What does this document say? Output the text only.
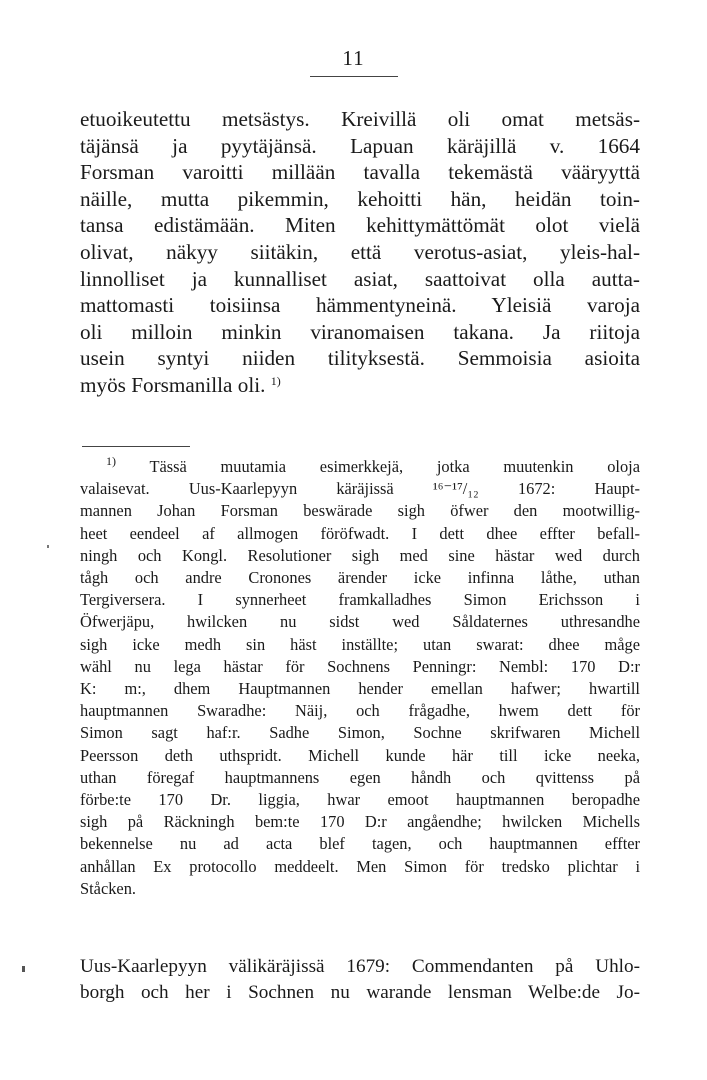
11
etuoikeutettu metsästys. Kreivillä oli omat metsäs-
täjänsä ja pyytäjänsä. Lapuan käräjillä v. 1664
Forsman varoitti millään tavalla tekemästä vääryyttä
näille, mutta pikemmin, kehoitti hän, heidän toin-
tansa edistämään. Miten kehittymättömät olot vielä
olivat, näkyy siitäkin, että verotus-asiat, yleis-hal-
linnolliset ja kunnalliset asiat, saattoivat olla autta-
mattomasti toisiinsa hämmentyneinä. Yleisiä varoja
oli milloin minkin viranomaisen takana. Ja riitoja
usein syntyi niiden tilityksestä. Semmoisia asioita
myös Forsmanilla oli. $^{1)}$
$^{1)}$ Tässä muutamia esimerkkejä, jotka muutenkin oloja
valaisevat. Uus-Kaarlepyyn käräjissä ¹⁶⁻¹⁷/₁₂ 1672: Haupt-
mannen Johan Forsman beswärade sigh öfwer den mootwillig-
heet eendeel af allmogen föröfwadt. I dett dhee effter befall-
ningh och Kongl. Resolutioner sigh med sine hästar wed durch
tågh och andre Cronones ärender icke infinna låthe, uthan
Tergiversera. I synnerheet framkalladhes Simon Erichsson i
Öfwerjäpu, hwilcken nu sidst wed Såldaternes uthresandhe
sigh icke medh sin häst inställte; utan swarat: dhee måge
wähl nu lega hästar för Sochnens Penningr: Nembl: 170 D:r
K: m:, dhem Hauptmannen hender emellan hafwer; hwartill
hauptmannen Swaradhe: Näij, och frågadhe, hwem dett för
Simon sagt haf:r. Sadhe Simon, Sochne skrifwaren Michell
Peersson deth uthspridt. Michell kunde här till icke neeka,
uthan föregaf hauptmannens egen håndh och qvittenss på
förbe:te 170 Dr. liggia, hwar emoot hauptmannen beropadhe
sigh på Räckningh bem:te 170 D:r angåendhe; hwilcken Michells
bekennelse nu ad acta blef tagen, och hauptmannen effter
anhållan Ex protocollo meddeelt. Men Simon för tredsko plichtar i
Ståcken.
Uus-Kaarlepyyn välikäräjissä 1679: Commendanten på Uhlo-
borgh och her i Sochnen nu warande lensman Welbe:de Jo-
